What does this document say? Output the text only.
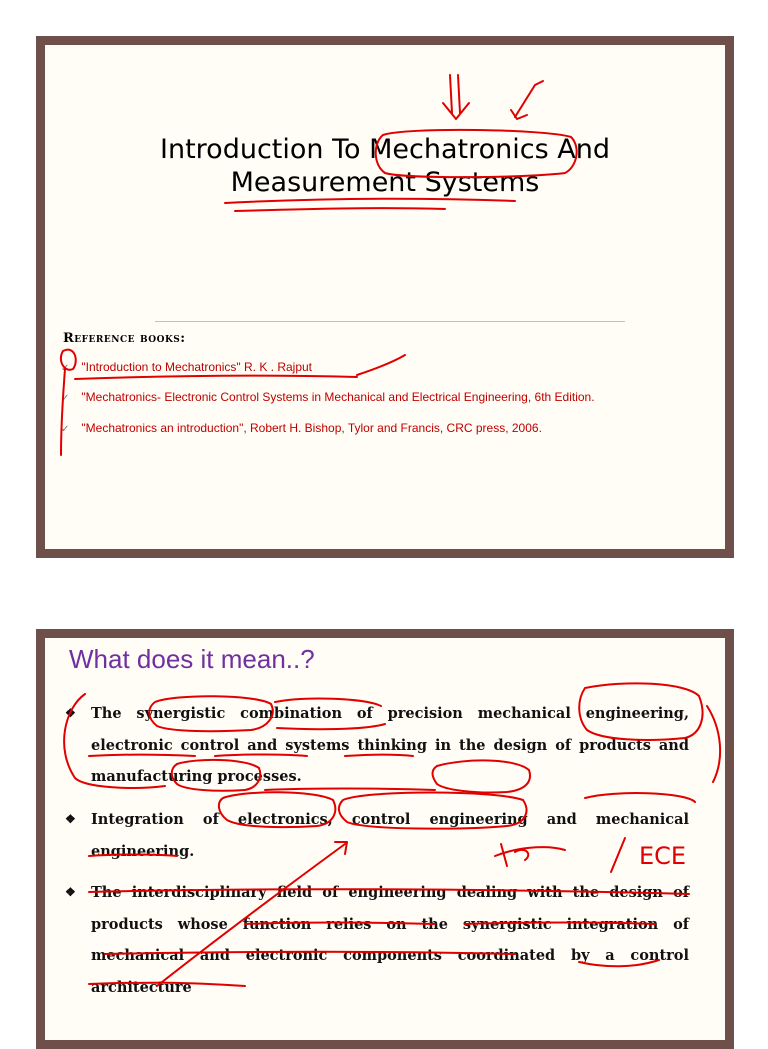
Introduction To Mechatronics And
Measurement Systems
Reference books:
✓ "Introduction to Mechatronics" R. K . Rajput
✓ "Mechatronics- Electronic Control Systems in Mechanical and Electrical Engineering, 6th Edition.
✓ "Mechatronics an introduction", Robert H. Bishop, Tylor and Francis, CRC press, 2006.
What does it mean..?
❖ The synergistic combination of precision mechanical engineering, electronic control and systems thinking in the design of products and manufacturing processes.
❖ Integration of electronics, control engineering and mechanical engineering.
❖ The interdisciplinary field of engineering dealing with the design of products whose function relies on the synergistic integration of mechanical and electronic components coordinated by a control architecture
ECE
